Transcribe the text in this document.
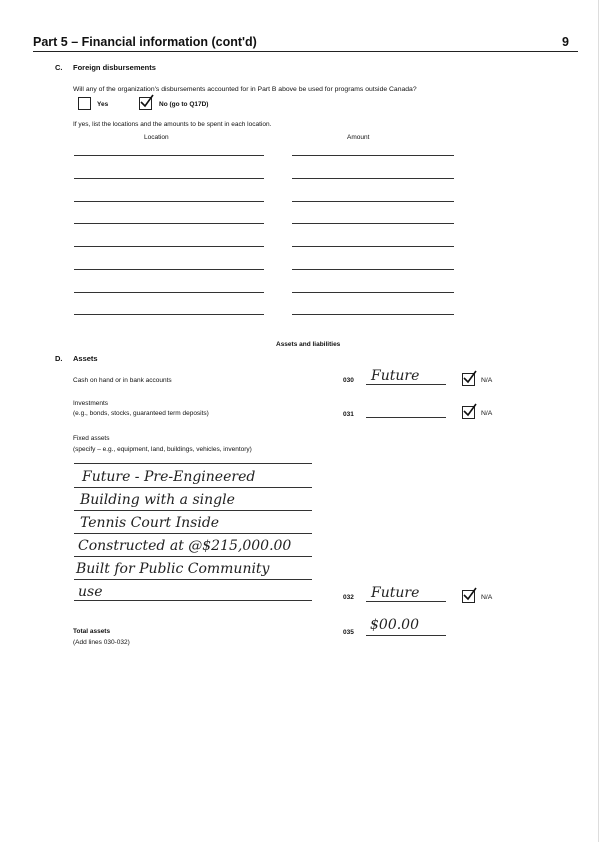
Part 5 – Financial information (cont'd)	9
C. Foreign disbursements
Will any of the organization's disbursements accounted for in Part B above be used for programs outside Canada?
Yes	No (go to Q17D)
If yes, list the locations and the amounts to be spent in each location.
Location	Amount
Assets and liabilities
D. Assets
Cash on hand or in bank accounts	030 Future	N/A
Investments
(e.g., bonds, stocks, guaranteed term deposits)	031	N/A
Fixed assets
(specify – e.g., equipment, land, buildings, vehicles, inventory)
Future - Pre-Engineered
Building with a single
Tennis Court Inside
Constructed at @$215,000.00
Built for Public Community
use	032 Future	N/A
Total assets
(Add lines 030-032)
035 $00.00
